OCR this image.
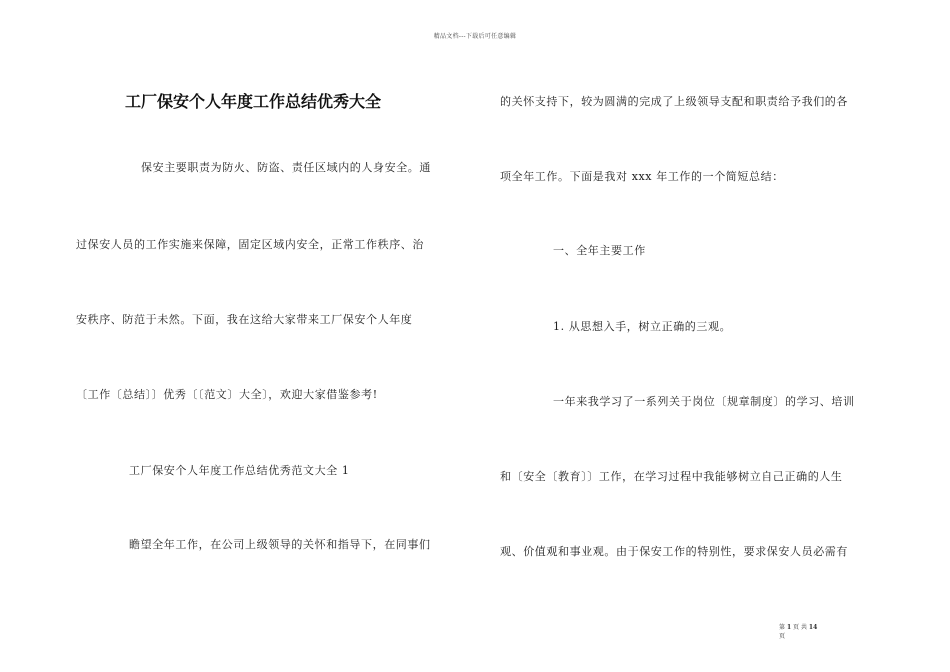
精品文档---下载后可任意编辑
工厂保安个人年度工作总结优秀大全
保安主要职责为防火、防盗、责任区域内的人身安全。通
过保安人员的工作实施来保障，固定区域内安全，正常工作秩序、治
安秩序、防范于未然。下面，我在这给大家带来工厂保安个人年度
〔工作〔总结〕〕优秀〔〔范文〕大全〕，欢迎大家借鉴参考!
工厂保安个人年度工作总结优秀范文大全 1
瞻望全年工作，在公司上级领导的关怀和指导下，在同事们
的关怀支持下，较为圆满的完成了上级领导支配和职责给予我们的各
项全年工作。下面是我对 xxx 年工作的一个简短总结：
一、全年主要工作
1. 从思想入手，树立正确的三观。
一年来我学习了一系列关于岗位〔规章制度〕的学习、培训
和〔安全〔教育〕〕工作，在学习过程中我能够树立自己正确的人生
观、价值观和事业观。由于保安工作的特别性，要求保安人员必需有
第 1 页 共 14
页
